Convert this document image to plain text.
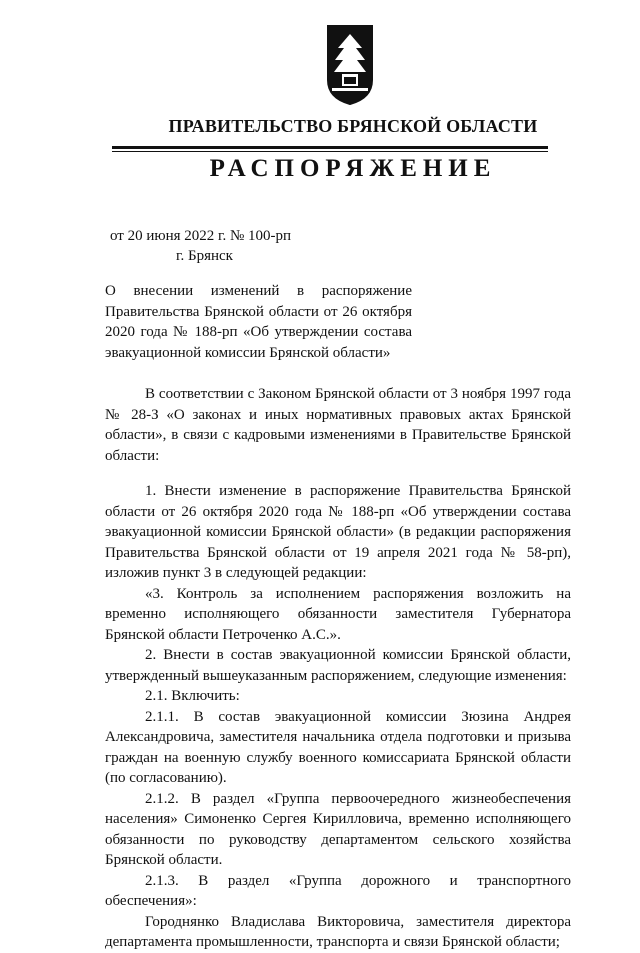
ПРАВИТЕЛЬСТВО БРЯНСКОЙ ОБЛАСТИ
РАСПОРЯЖЕНИЕ
от 20 июня 2022 г. № 100-рп
г. Брянск
О внесении изменений в распоряжение Правительства Брянской области от 26 октября 2020 года № 188-рп «Об утверждении состава эвакуационной комиссии Брянской области»

В соответствии с Законом Брянской области от 3 ноября 1997 года № 28-З «О законах и иных нормативных правовых актах Брянской области», в связи с кадровыми изменениями в Правительстве Брянской области:

1. Внести изменение в распоряжение Правительства Брянской области от 26 октября 2020 года № 188-рп «Об утверждении состава эвакуационной комиссии Брянской области» (в редакции распоряжения Правительства Брянской области от 19 апреля 2021 года № 58-рп), изложив пункт 3 в следующей редакции:

«3. Контроль за исполнением распоряжения возложить на временно исполняющего обязанности заместителя Губернатора Брянской области Петроченко А.С.».

2. Внести в состав эвакуационной комиссии Брянской области, утвержденный вышеуказанным распоряжением, следующие изменения:

2.1. Включить:

2.1.1. В состав эвакуационной комиссии Зюзина Андрея Александровича, заместителя начальника отдела подготовки и призыва граждан на военную службу военного комиссариата Брянской области (по согласованию).

2.1.2. В раздел «Группа первоочередного жизнеобеспечения населения» Симоненко Сергея Кирилловича, временно исполняющего обязанности по руководству департаментом сельского хозяйства Брянской области.

2.1.3. В раздел «Группа дорожного и транспортного обеспечения»:

Городнянко Владислава Викторовича, заместителя директора департамента промышленности, транспорта и связи Брянской области;
